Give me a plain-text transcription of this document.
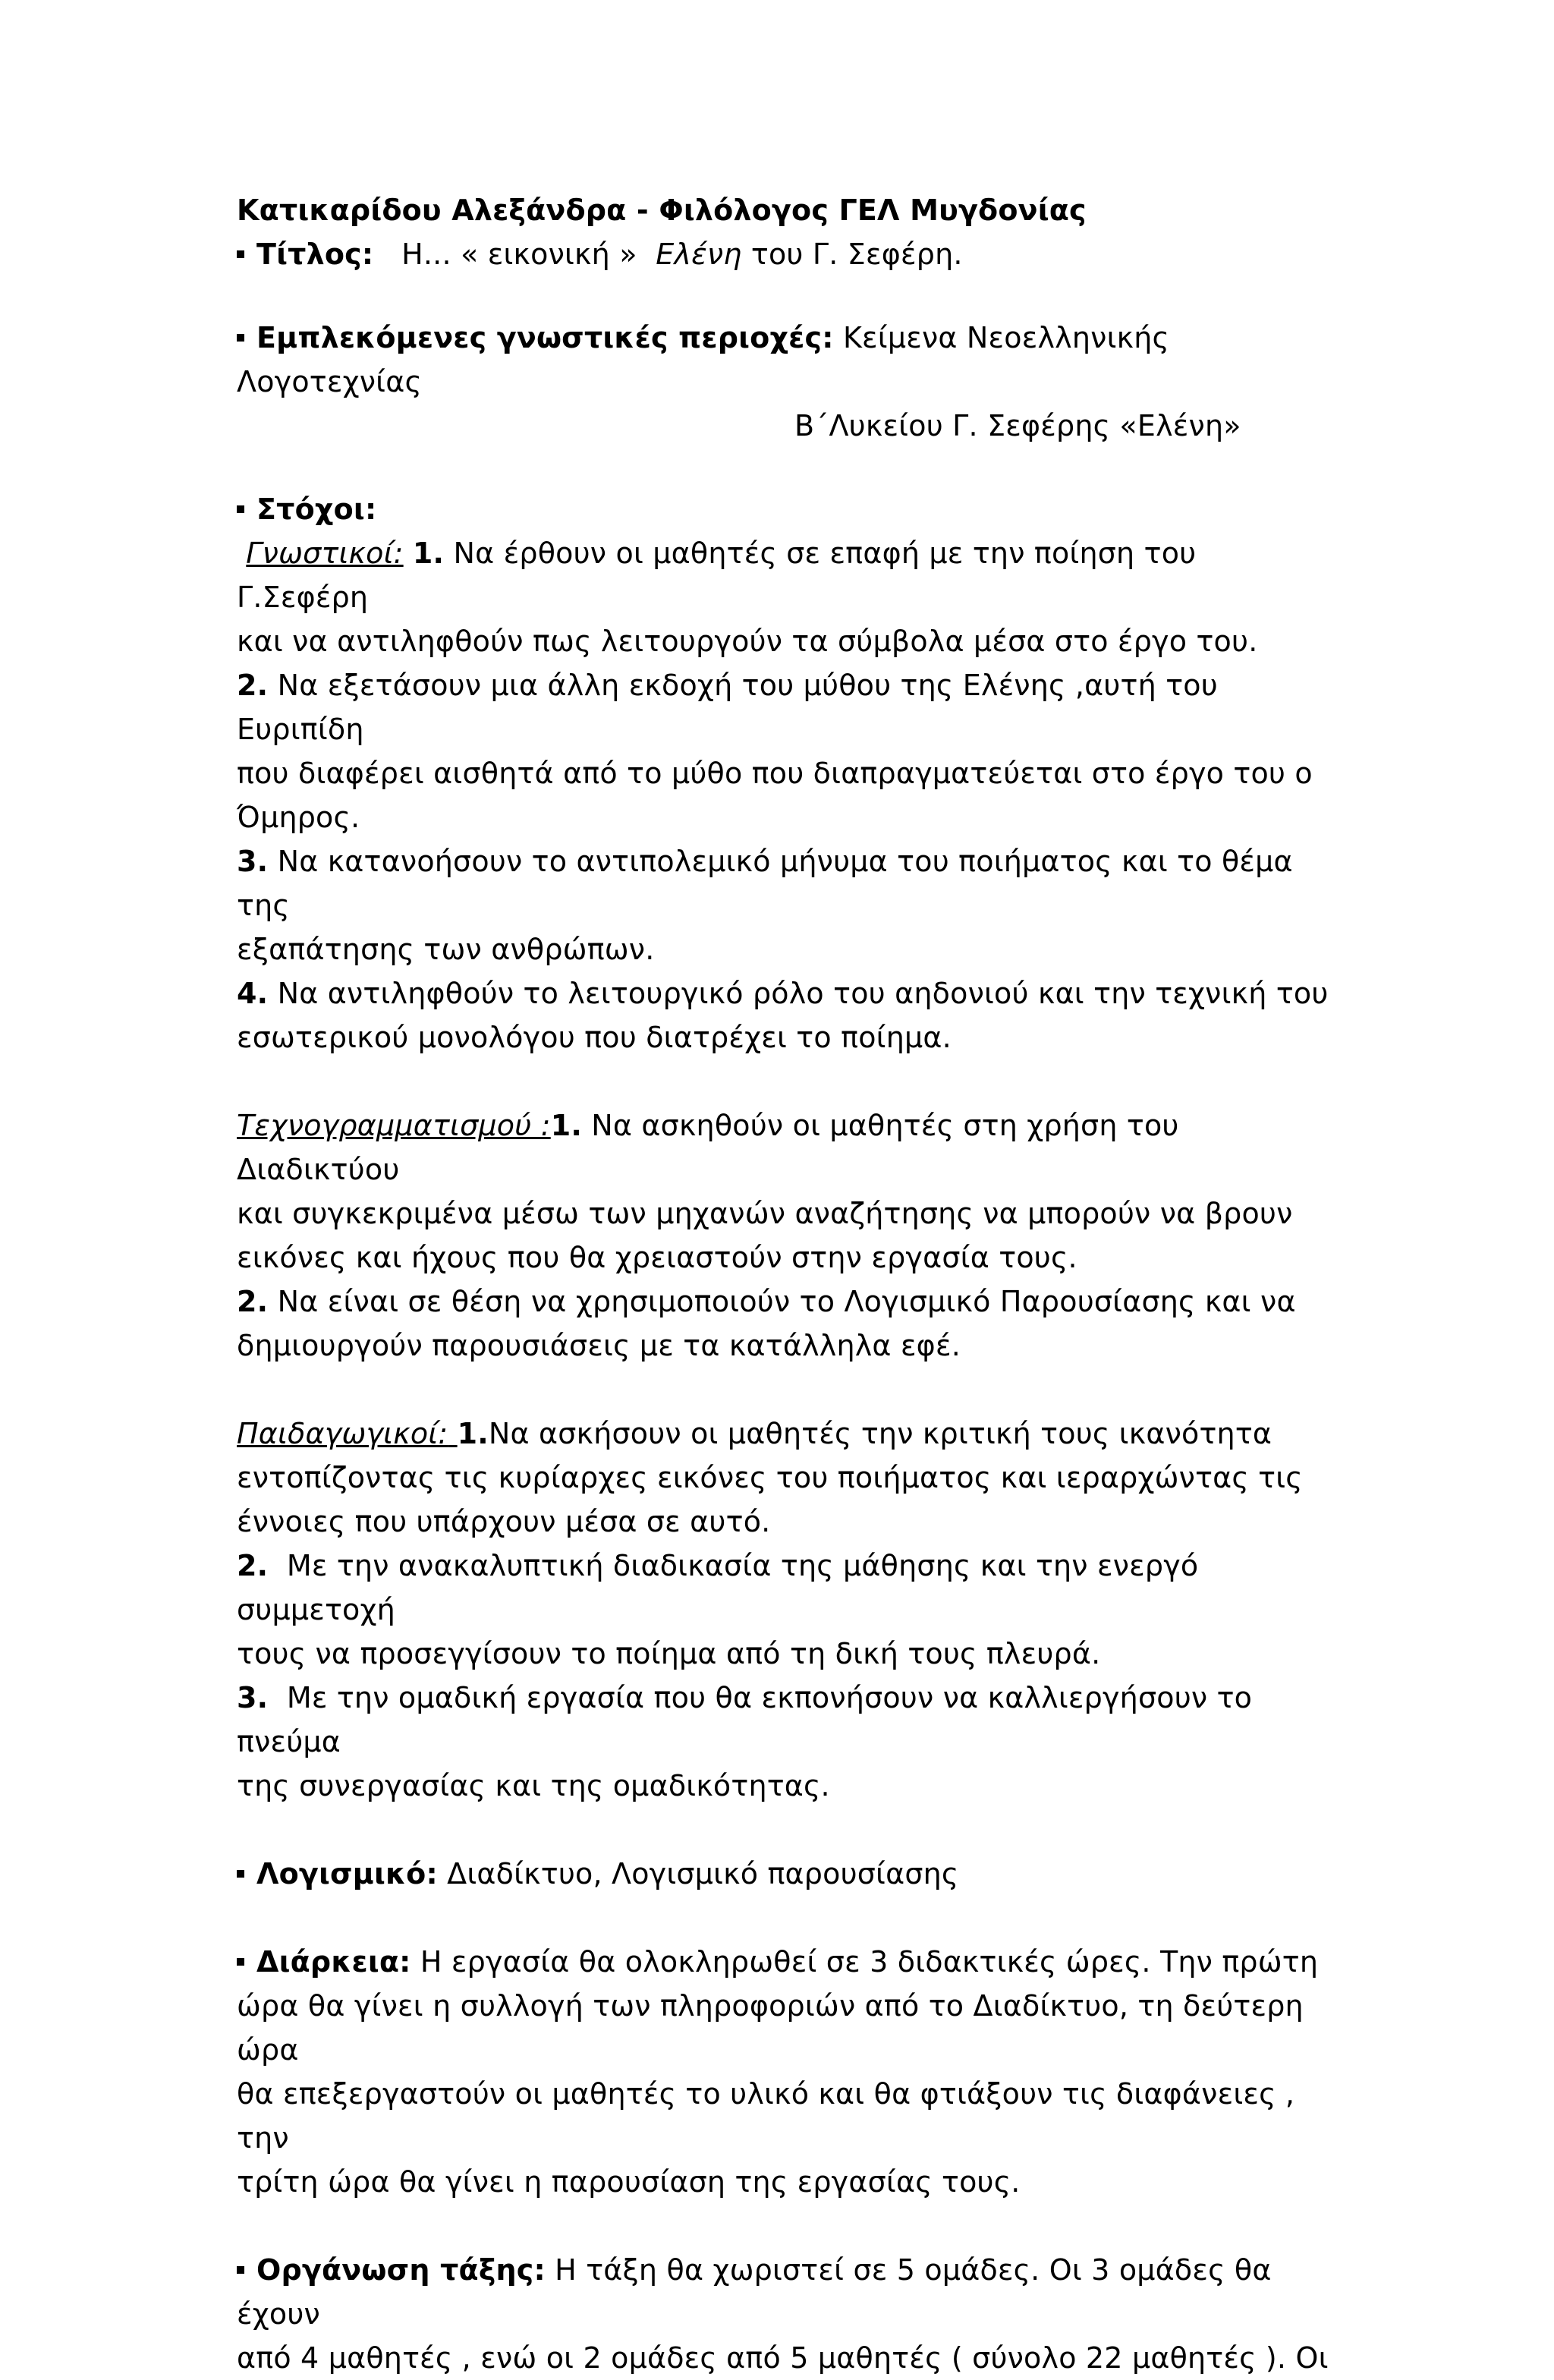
Κατικαρίδου Αλεξάνδρα - Φιλόλογος ΓΕΛ Μυγδονίας
Τίτλος: Η... « εικονική » Ελένη του Γ. Σεφέρη.
Εμπλεκόμενες γνωστικές περιοχές: Κείμενα Νεοελληνικής Λογοτεχνίας
Β΄Λυκείου Γ. Σεφέρης «Ελένη»
Στόχοι:
Γνωστικοί: 1. Να έρθουν οι μαθητές σε επαφή με την ποίηση του Γ.Σεφέρη
και να αντιληφθούν πως λειτουργούν τα σύμβολα μέσα στο έργο του.
2. Να εξετάσουν μια άλλη εκδοχή του μύθου της Ελένης ,αυτή του Ευριπίδη
που διαφέρει αισθητά από το μύθο που διαπραγματεύεται στο έργο του ο
Όμηρος.
3. Να κατανοήσουν το αντιπολεμικό μήνυμα του ποιήματος και το θέμα της
εξαπάτησης των ανθρώπων.
4. Να αντιληφθούν το λειτουργικό ρόλο του αηδονιού και την τεχνική του
εσωτερικού μονολόγου που διατρέχει το ποίημα.
Τεχνογραμματισμού :1. Να ασκηθούν οι μαθητές στη χρήση του Διαδικτύου
και συγκεκριμένα μέσω των μηχανών αναζήτησης να μπορούν να βρουν
εικόνες και ήχους που θα χρειαστούν στην εργασία τους.
2. Να είναι σε θέση να χρησιμοποιούν το Λογισμικό Παρουσίασης και να
δημιουργούν παρουσιάσεις με τα κατάλληλα εφέ.
Παιδαγωγικοί: 1.Να ασκήσουν οι μαθητές την κριτική τους ικανότητα
εντοπίζοντας τις κυρίαρχες εικόνες του ποιήματος και ιεραρχώντας τις
έννοιες που υπάρχουν μέσα σε αυτό.
2. Με την ανακαλυπτική διαδικασία της μάθησης και την ενεργό συμμετοχή
τους να προσεγγίσουν το ποίημα από τη δική τους πλευρά.
3. Με την ομαδική εργασία που θα εκπονήσουν να καλλιεργήσουν το πνεύμα
της συνεργασίας και της ομαδικότητας.
Λογισμικό: Διαδίκτυο, Λογισμικό παρουσίασης
Διάρκεια: Η εργασία θα ολοκληρωθεί σε 3 διδακτικές ώρες. Την πρώτη
ώρα θα γίνει η συλλογή των πληροφοριών από το Διαδίκτυο, τη δεύτερη ώρα
θα επεξεργαστούν οι μαθητές το υλικό και θα φτιάξουν τις διαφάνειες , την
τρίτη ώρα θα γίνει η παρουσίαση της εργασίας τους.
Οργάνωση τάξης: Η τάξη θα χωριστεί σε 5 ομάδες. Οι 3 ομάδες θα έχουν
από 4 μαθητές , ενώ οι 2 ομάδες από 5 μαθητές ( σύνολο 22 μαθητές ). Οι
